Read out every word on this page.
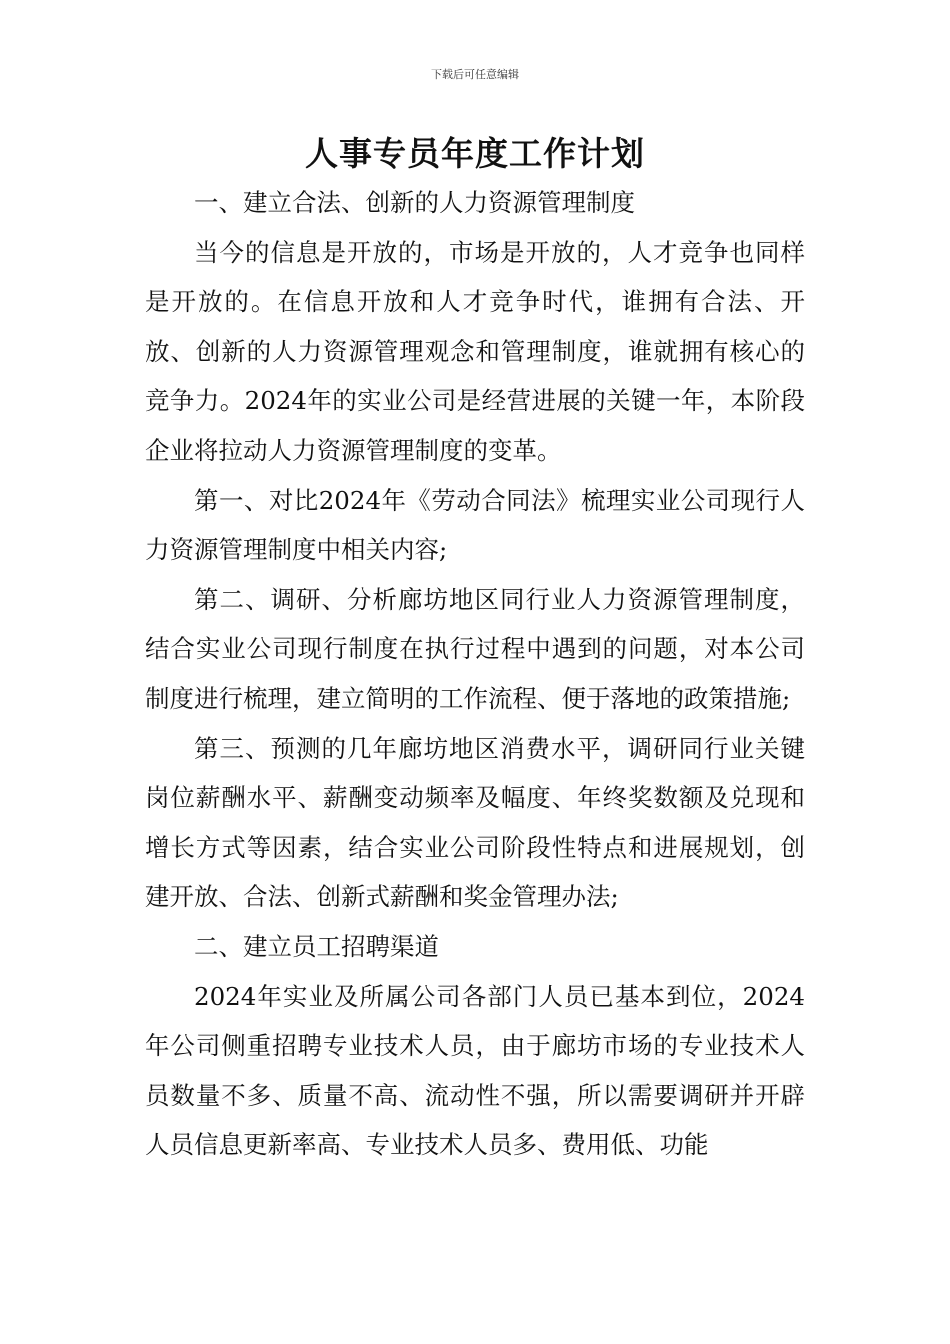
下载后可任意编辑
人事专员年度工作计划

一、建立合法、创新的人力资源管理制度

当今的信息是开放的，市场是开放的，人才竞争也同样是开放的。在信息开放和人才竞争时代，谁拥有合法、开放、创新的人力资源管理观念和管理制度，谁就拥有核心的竞争力。2024年的实业公司是经营进展的关键一年，本阶段企业将拉动人力资源管理制度的变革。

第一、对比2024年《劳动合同法》梳理实业公司现行人力资源管理制度中相关内容;

第二、调研、分析廊坊地区同行业人力资源管理制度，结合实业公司现行制度在执行过程中遇到的问题，对本公司制度进行梳理，建立简明的工作流程、便于落地的政策措施;

第三、预测的几年廊坊地区消费水平，调研同行业关键岗位薪酬水平、薪酬变动频率及幅度、年终奖数额及兑现和增长方式等因素，结合实业公司阶段性特点和进展规划，创建开放、合法、创新式薪酬和奖金管理办法;

二、建立员工招聘渠道

2024年实业及所属公司各部门人员已基本到位，2024年公司侧重招聘专业技术人员，由于廊坊市场的专业技术人员数量不多、质量不高、流动性不强，所以需要调研并开辟人员信息更新率高、专业技术人员多、费用低、功能
